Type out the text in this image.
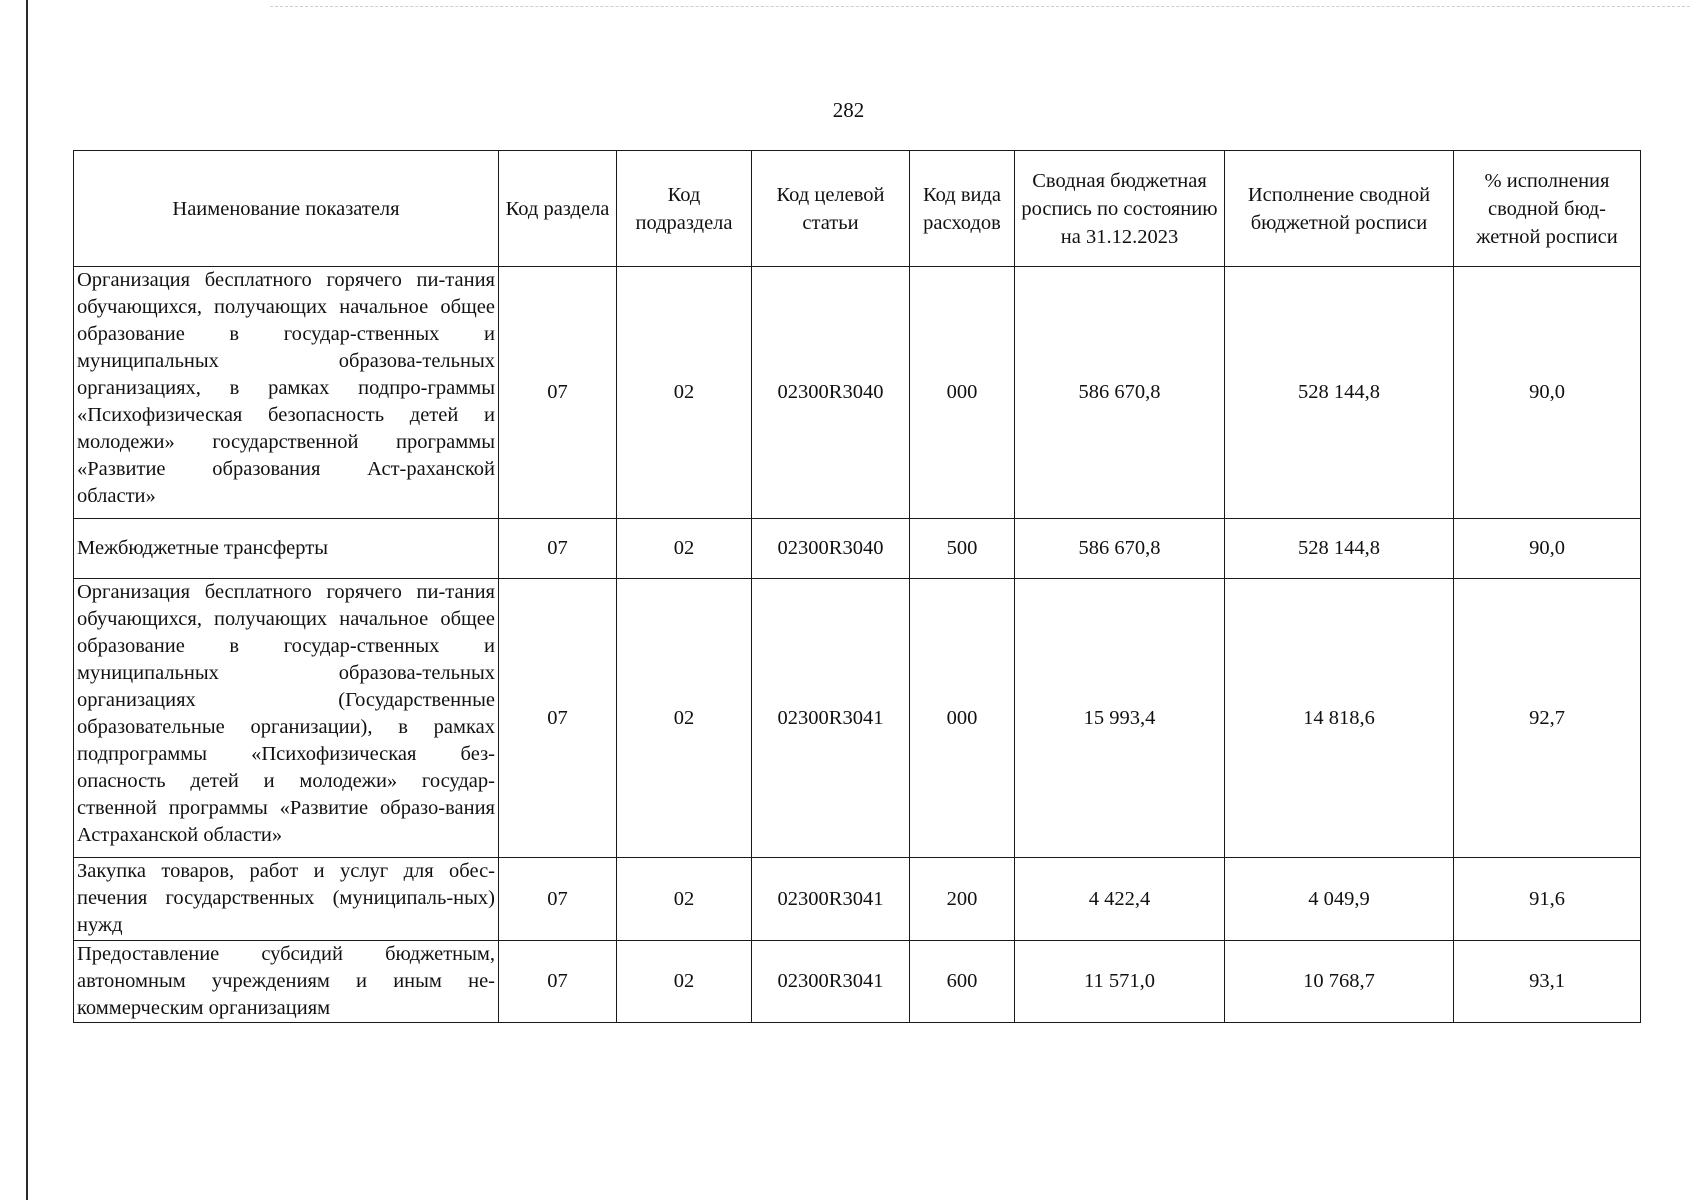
282
Наименование показателя	Код раздела	Код подраздела	Код целевой статьи	Код вида расходов	Сводная бюджетная роспись по состоянию на 31.12.2023	Исполнение сводной бюджетной росписи	% исполнения сводной бюд-жетной росписи
Организация бесплатного горячего пи-тания обучающихся, получающих начальное общее образование в государ-ственных и муниципальных образова-тельных организациях, в рамках подпро-граммы «Психофизическая безопасность детей и молодежи» государственной программы «Развитие образования Аст-раханской области»	07	02	02300R3040	000	586 670,8	528 144,8	90,0
Межбюджетные трансферты	07	02	02300R3040	500	586 670,8	528 144,8	90,0
Организация бесплатного горячего пи-тания обучающихся, получающих начальное общее образование в государ-ственных и муниципальных образова-тельных организациях (Государственные образовательные организации), в рамках подпрограммы «Психофизическая без-опасность детей и молодежи» государ-ственной программы «Развитие образо-вания Астраханской области»	07	02	02300R3041	000	15 993,4	14 818,6	92,7
Закупка товаров, работ и услуг для обес-печения государственных (муниципаль-ных) нужд	07	02	02300R3041	200	4 422,4	4 049,9	91,6
Предоставление субсидий бюджетным, автономным учреждениям и иным не-коммерческим организациям	07	02	02300R3041	600	11 571,0	10 768,7	93,1
